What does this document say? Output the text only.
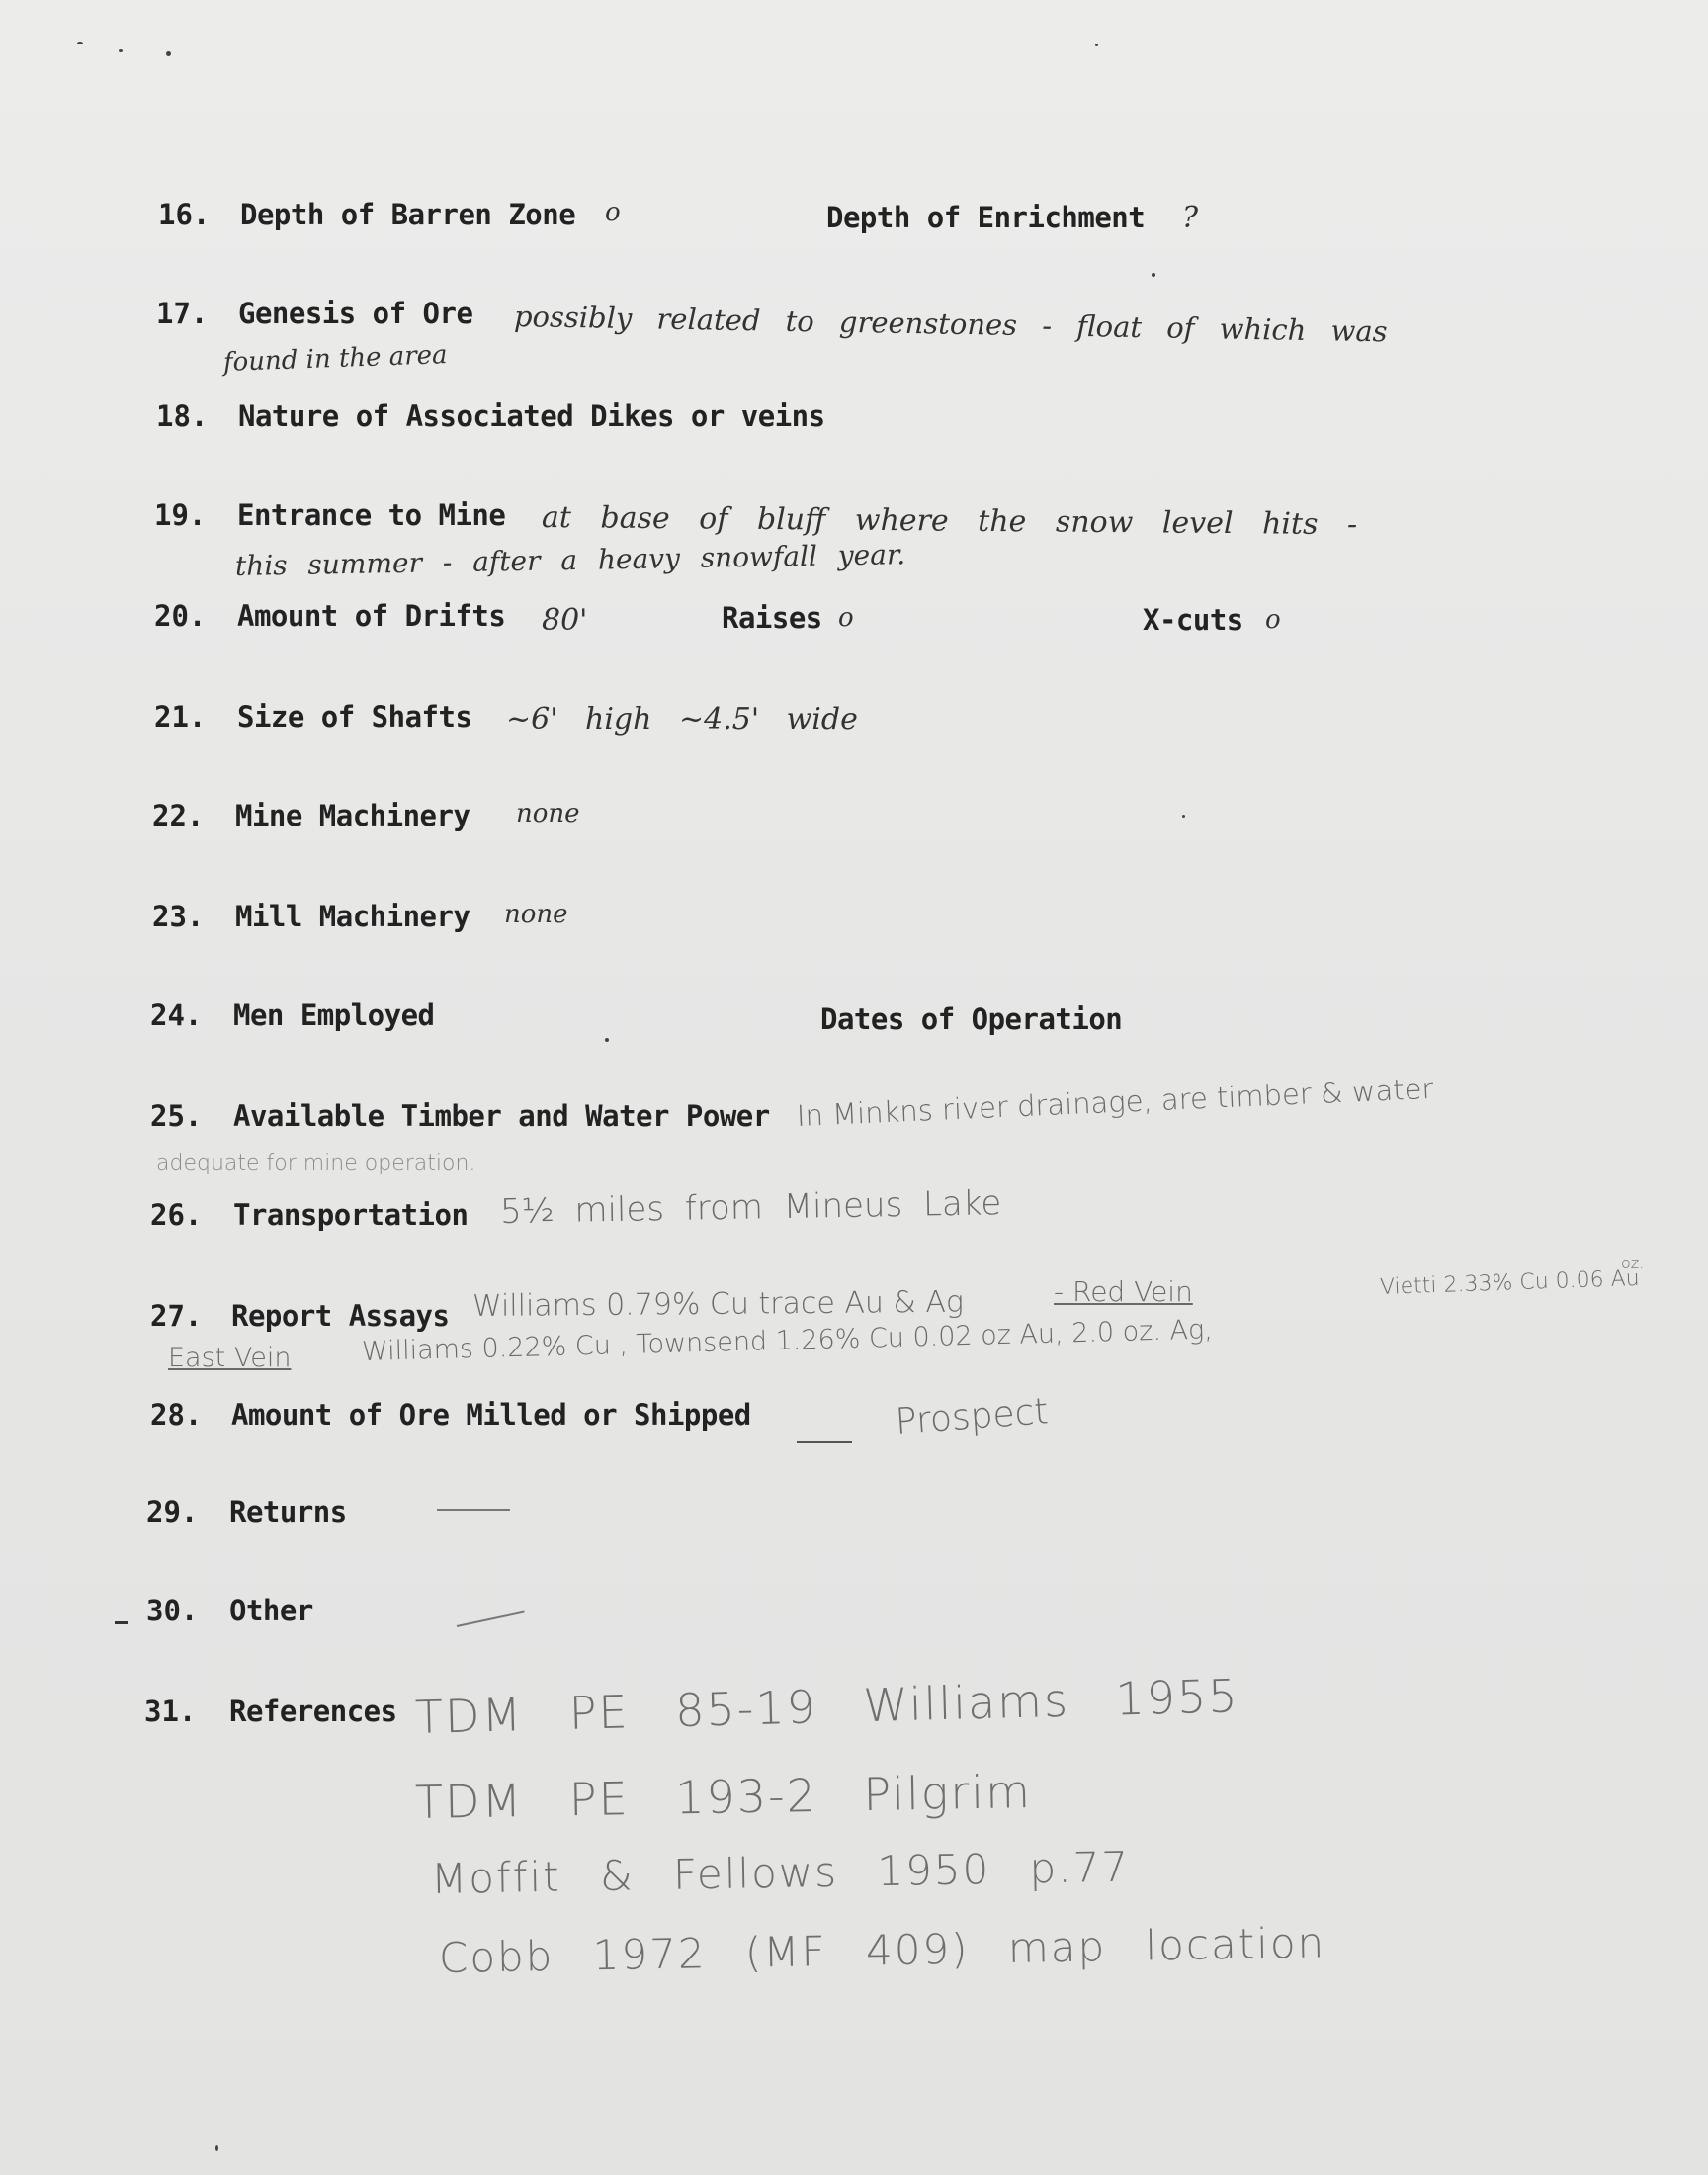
16. Depth of Barren Zone o	Depth of Enrichment ?
17. Genesis of Ore possibly related to greenstones - float of which was
found in the area
18. Nature of Associated Dikes or veins
19. Entrance to Mine at base of bluff where the snow level hits -
this summer - after a heavy snowfall year.
20. Amount of Drifts 80'	Raises o	X-cuts o
21. Size of Shafts ~6' high ~4.5' wide
22. Mine Machinery none
23. Mill Machinery none
24. Men Employed	Dates of Operation
25. Available Timber and Water Power In Minkns river drainage, are timber & water
adequate for mine operation.
26. Transportation 5½ miles from Mineus Lake
27. Report Assays Williams 0.79% Cu trace Au & Ag	- Red Vein
oz.
Vietti 2.33% Cu 0.06 Au
East Vein	Williams 0.22% Cu , Townsend 1.26% Cu 0.02 oz Au, 2.0 oz. Ag,
28. Amount of Ore Milled or Shipped	Prospect
29. Returns
30. Other
31. References TDM PE 85-19 Williams 1955
TDM PE 193-2 Pilgrim
Moffit & Fellows 1950 p.77
Cobb 1972 (MF 409) map location
